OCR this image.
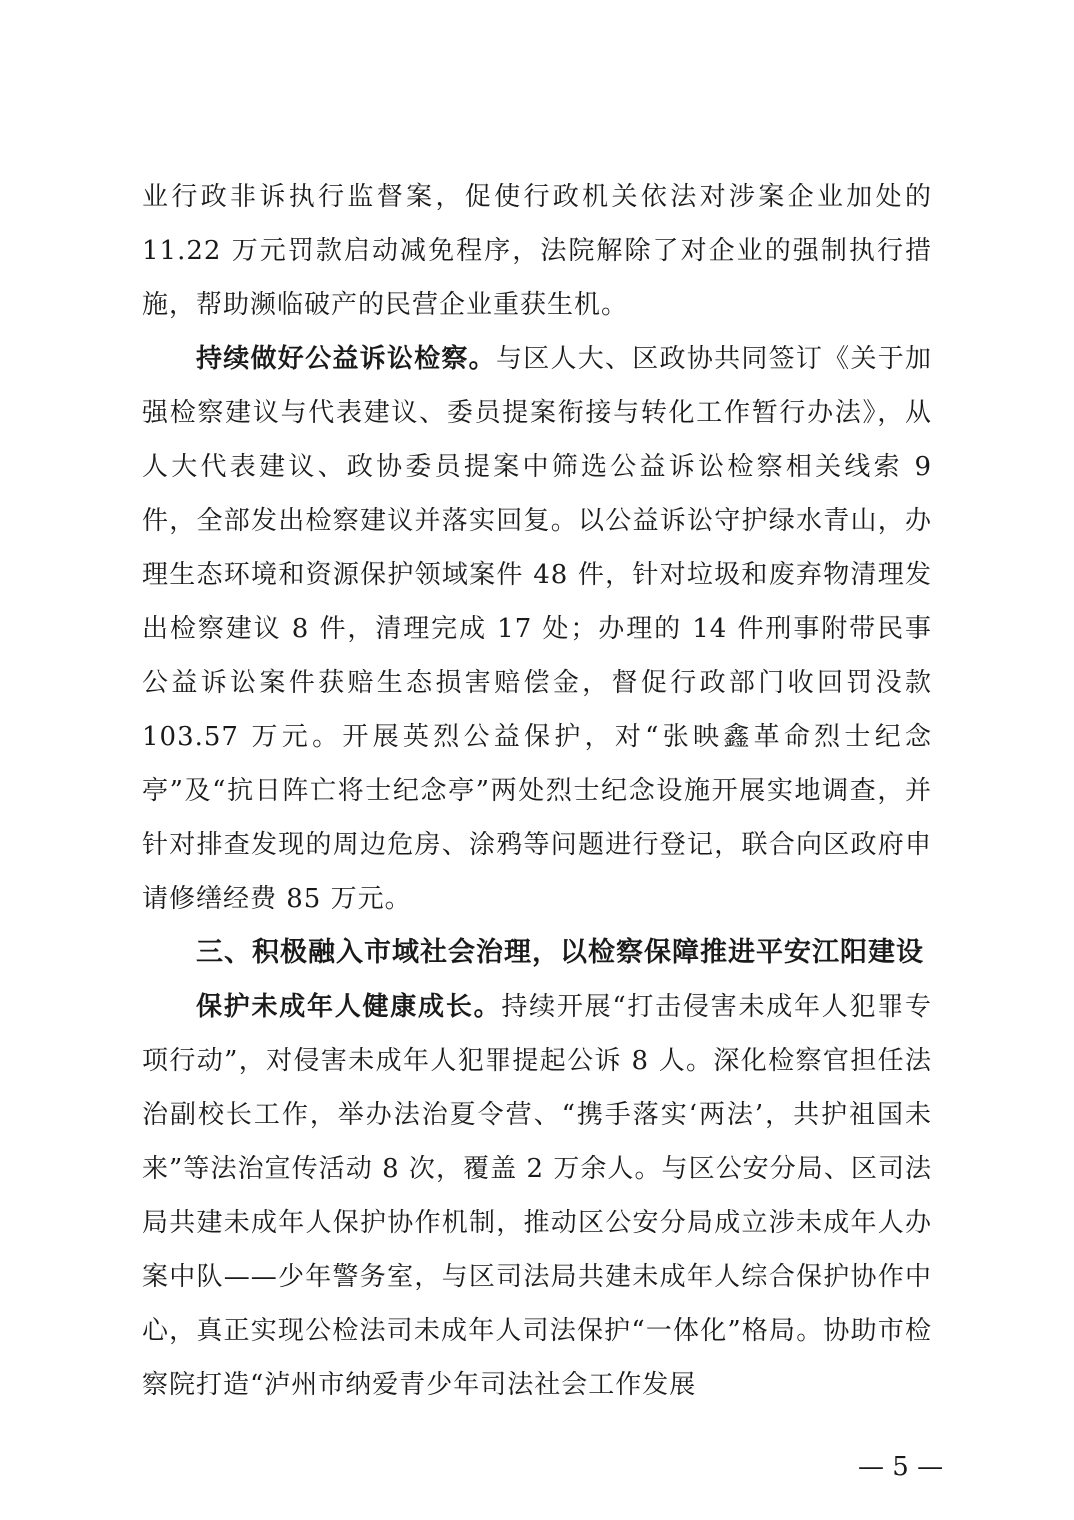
业行政非诉执行监督案，促使行政机关依法对涉案企业加处的 11.22 万元罚款启动减免程序，法院解除了对企业的强制执行措施，帮助濒临破产的民营企业重获生机。

持续做好公益诉讼检察。与区人大、区政协共同签订《关于加强检察建议与代表建议、委员提案衔接与转化工作暂行办法》，从人大代表建议、政协委员提案中筛选公益诉讼检察相关线索 9 件，全部发出检察建议并落实回复。以公益诉讼守护绿水青山，办理生态环境和资源保护领域案件 48 件，针对垃圾和废弃物清理发出检察建议 8 件，清理完成 17 处；办理的 14 件刑事附带民事公益诉讼案件获赔生态损害赔偿金，督促行政部门收回罚没款 103.57 万元。开展英烈公益保护，对“张映鑫革命烈士纪念亭”及“抗日阵亡将士纪念亭”两处烈士纪念设施开展实地调查，并针对排查发现的周边危房、涂鸦等问题进行登记，联合向区政府申请修缮经费 85 万元。

三、积极融入市域社会治理，以检察保障推进平安江阳建设

保护未成年人健康成长。持续开展“打击侵害未成年人犯罪专项行动”，对侵害未成年人犯罪提起公诉 8 人。深化检察官担任法治副校长工作，举办法治夏令营、“携手落实‘两法’，共护祖国未来”等法治宣传活动 8 次，覆盖 2 万余人。与区公安分局、区司法局共建未成年人保护协作机制，推动区公安分局成立涉未成年人办案中队——少年警务室，与区司法局共建未成年人综合保护协作中心，真正实现公检法司未成年人司法保护“一体化”格局。协助市检察院打造“泸州市纳爱青少年司法社会工作发展

— 5 —
